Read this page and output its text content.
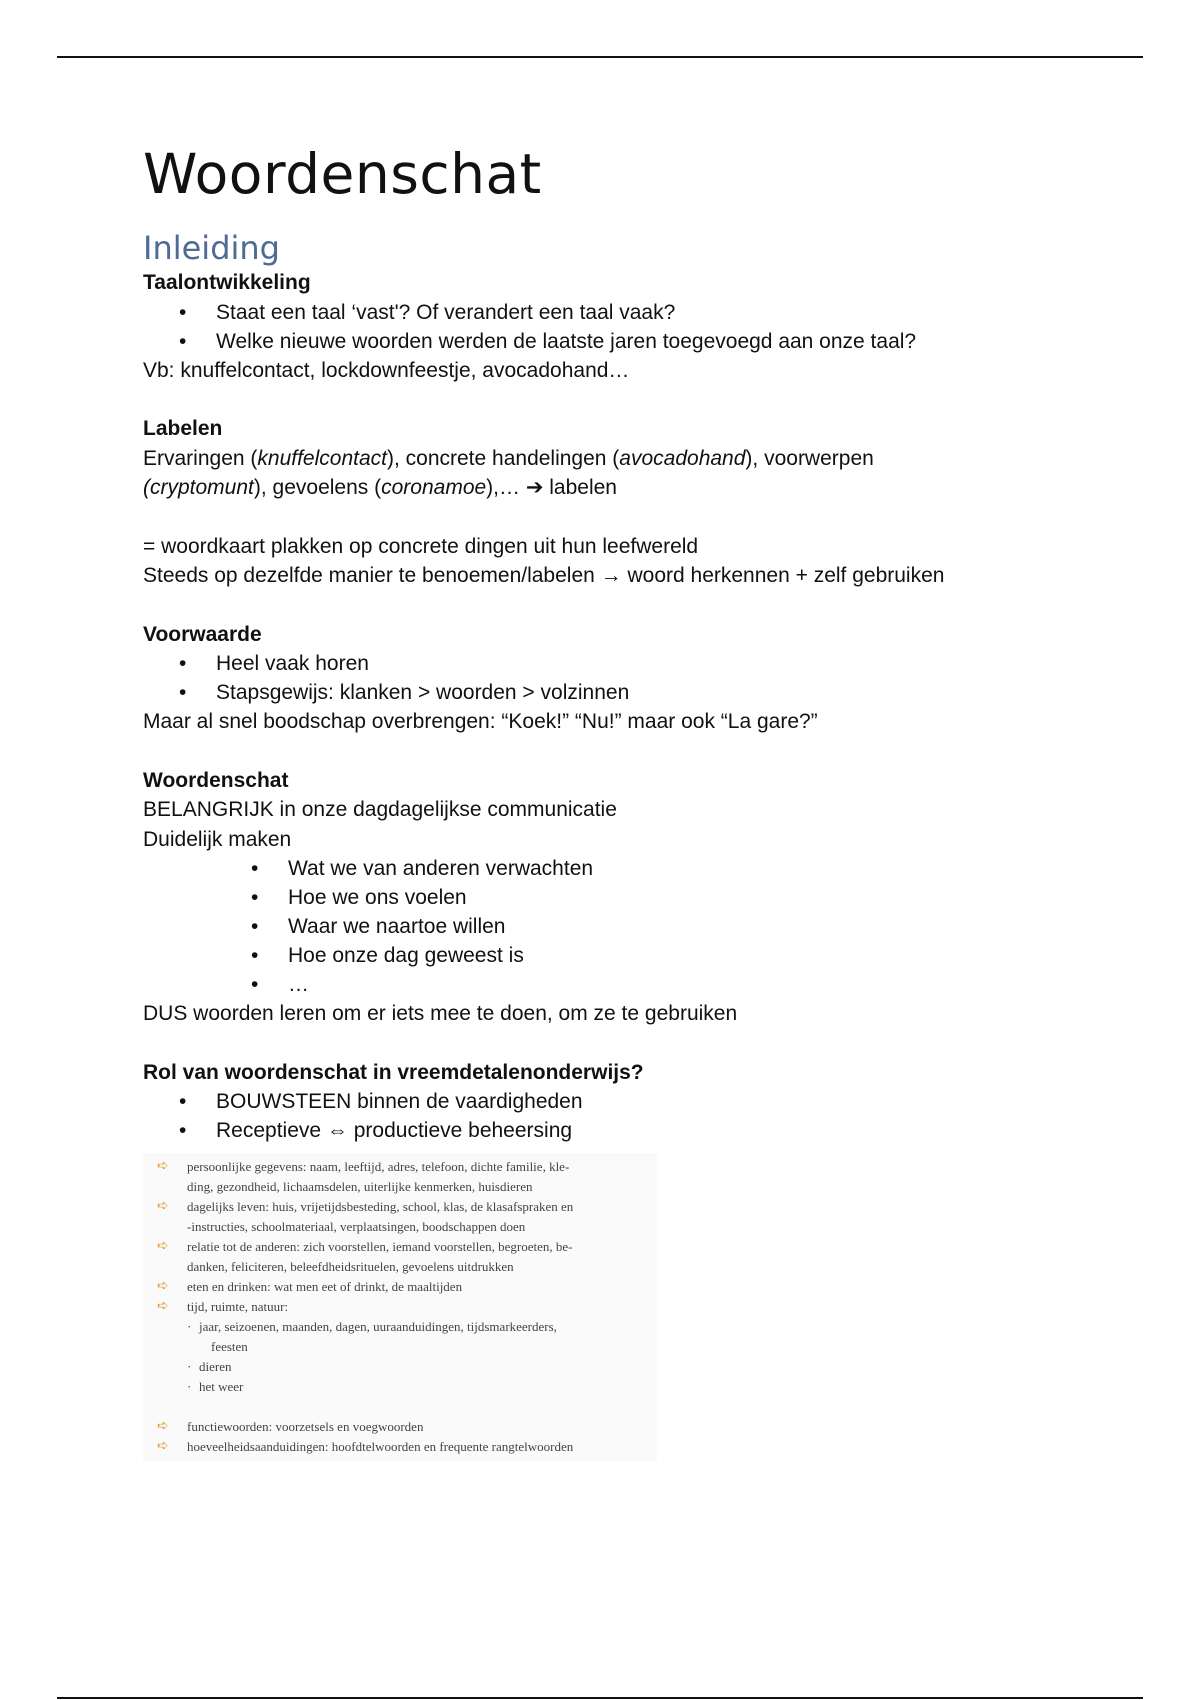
Woordenschat
Inleiding

Taalontwikkeling

• Staat een taal ‘vast'? Of verandert een taal vaak?
• Welke nieuwe woorden werden de laatste jaren toegevoegd aan onze taal?

Vb: knuffelcontact, lockdownfeestje, avocadohand…

Labelen

Ervaringen (knuffelcontact), concrete handelingen (avocadohand), voorwerpen

(cryptomunt), gevoelens (coronamoe),… ➔ labelen

= woordkaart plakken op concrete dingen uit hun leefwereld

Steeds op dezelfde manier te benoemen/labelen → woord herkennen + zelf gebruiken

Voorwaarde

• Heel vaak horen
• Stapsgewijs: klanken > woorden > volzinnen

Maar al snel boodschap overbrengen: “Koek!” “Nu!” maar ook “La gare?”

Woordenschat

BELANGRIJK in onze dagdagelijkse communicatie

Duidelijk maken

• Wat we van anderen verwachten
• Hoe we ons voelen
• Waar we naartoe willen
• Hoe onze dag geweest is
• …

DUS woorden leren om er iets mee te doen, om ze te gebruiken

Rol van woordenschat in vreemdetalenonderwijs?

• BOUWSTEEN binnen de vaardigheden
• Receptieve ⇔ productieve beheersing
➪ persoonlijke gegevens: naam, leeftijd, adres, telefoon, dichte familie, kle-
ding, gezondheid, lichaamsdelen, uiterlijke kenmerken, huisdieren
➪ dagelijks leven: huis, vrijetijdsbesteding, school, klas, de klasafspraken en
-instructies, schoolmateriaal, verplaatsingen, boodschappen doen
➪ relatie tot de anderen: zich voorstellen, iemand voorstellen, begroeten, be-
danken, feliciteren, beleefdheidsrituelen, gevoelens uitdrukken
➪ eten en drinken: wat men eet of drinkt, de maaltijden
➪ tijd, ruimte, natuur:
· jaar, seizoenen, maanden, dagen, uuraanduidingen, tijdsmarkeerders,
feesten
· dieren
· het weer
➪ functiewoorden: voorzetsels en voegwoorden
➪ hoeveelheidsaanduidingen: hoofdtelwoorden en frequente rangtelwoorden
